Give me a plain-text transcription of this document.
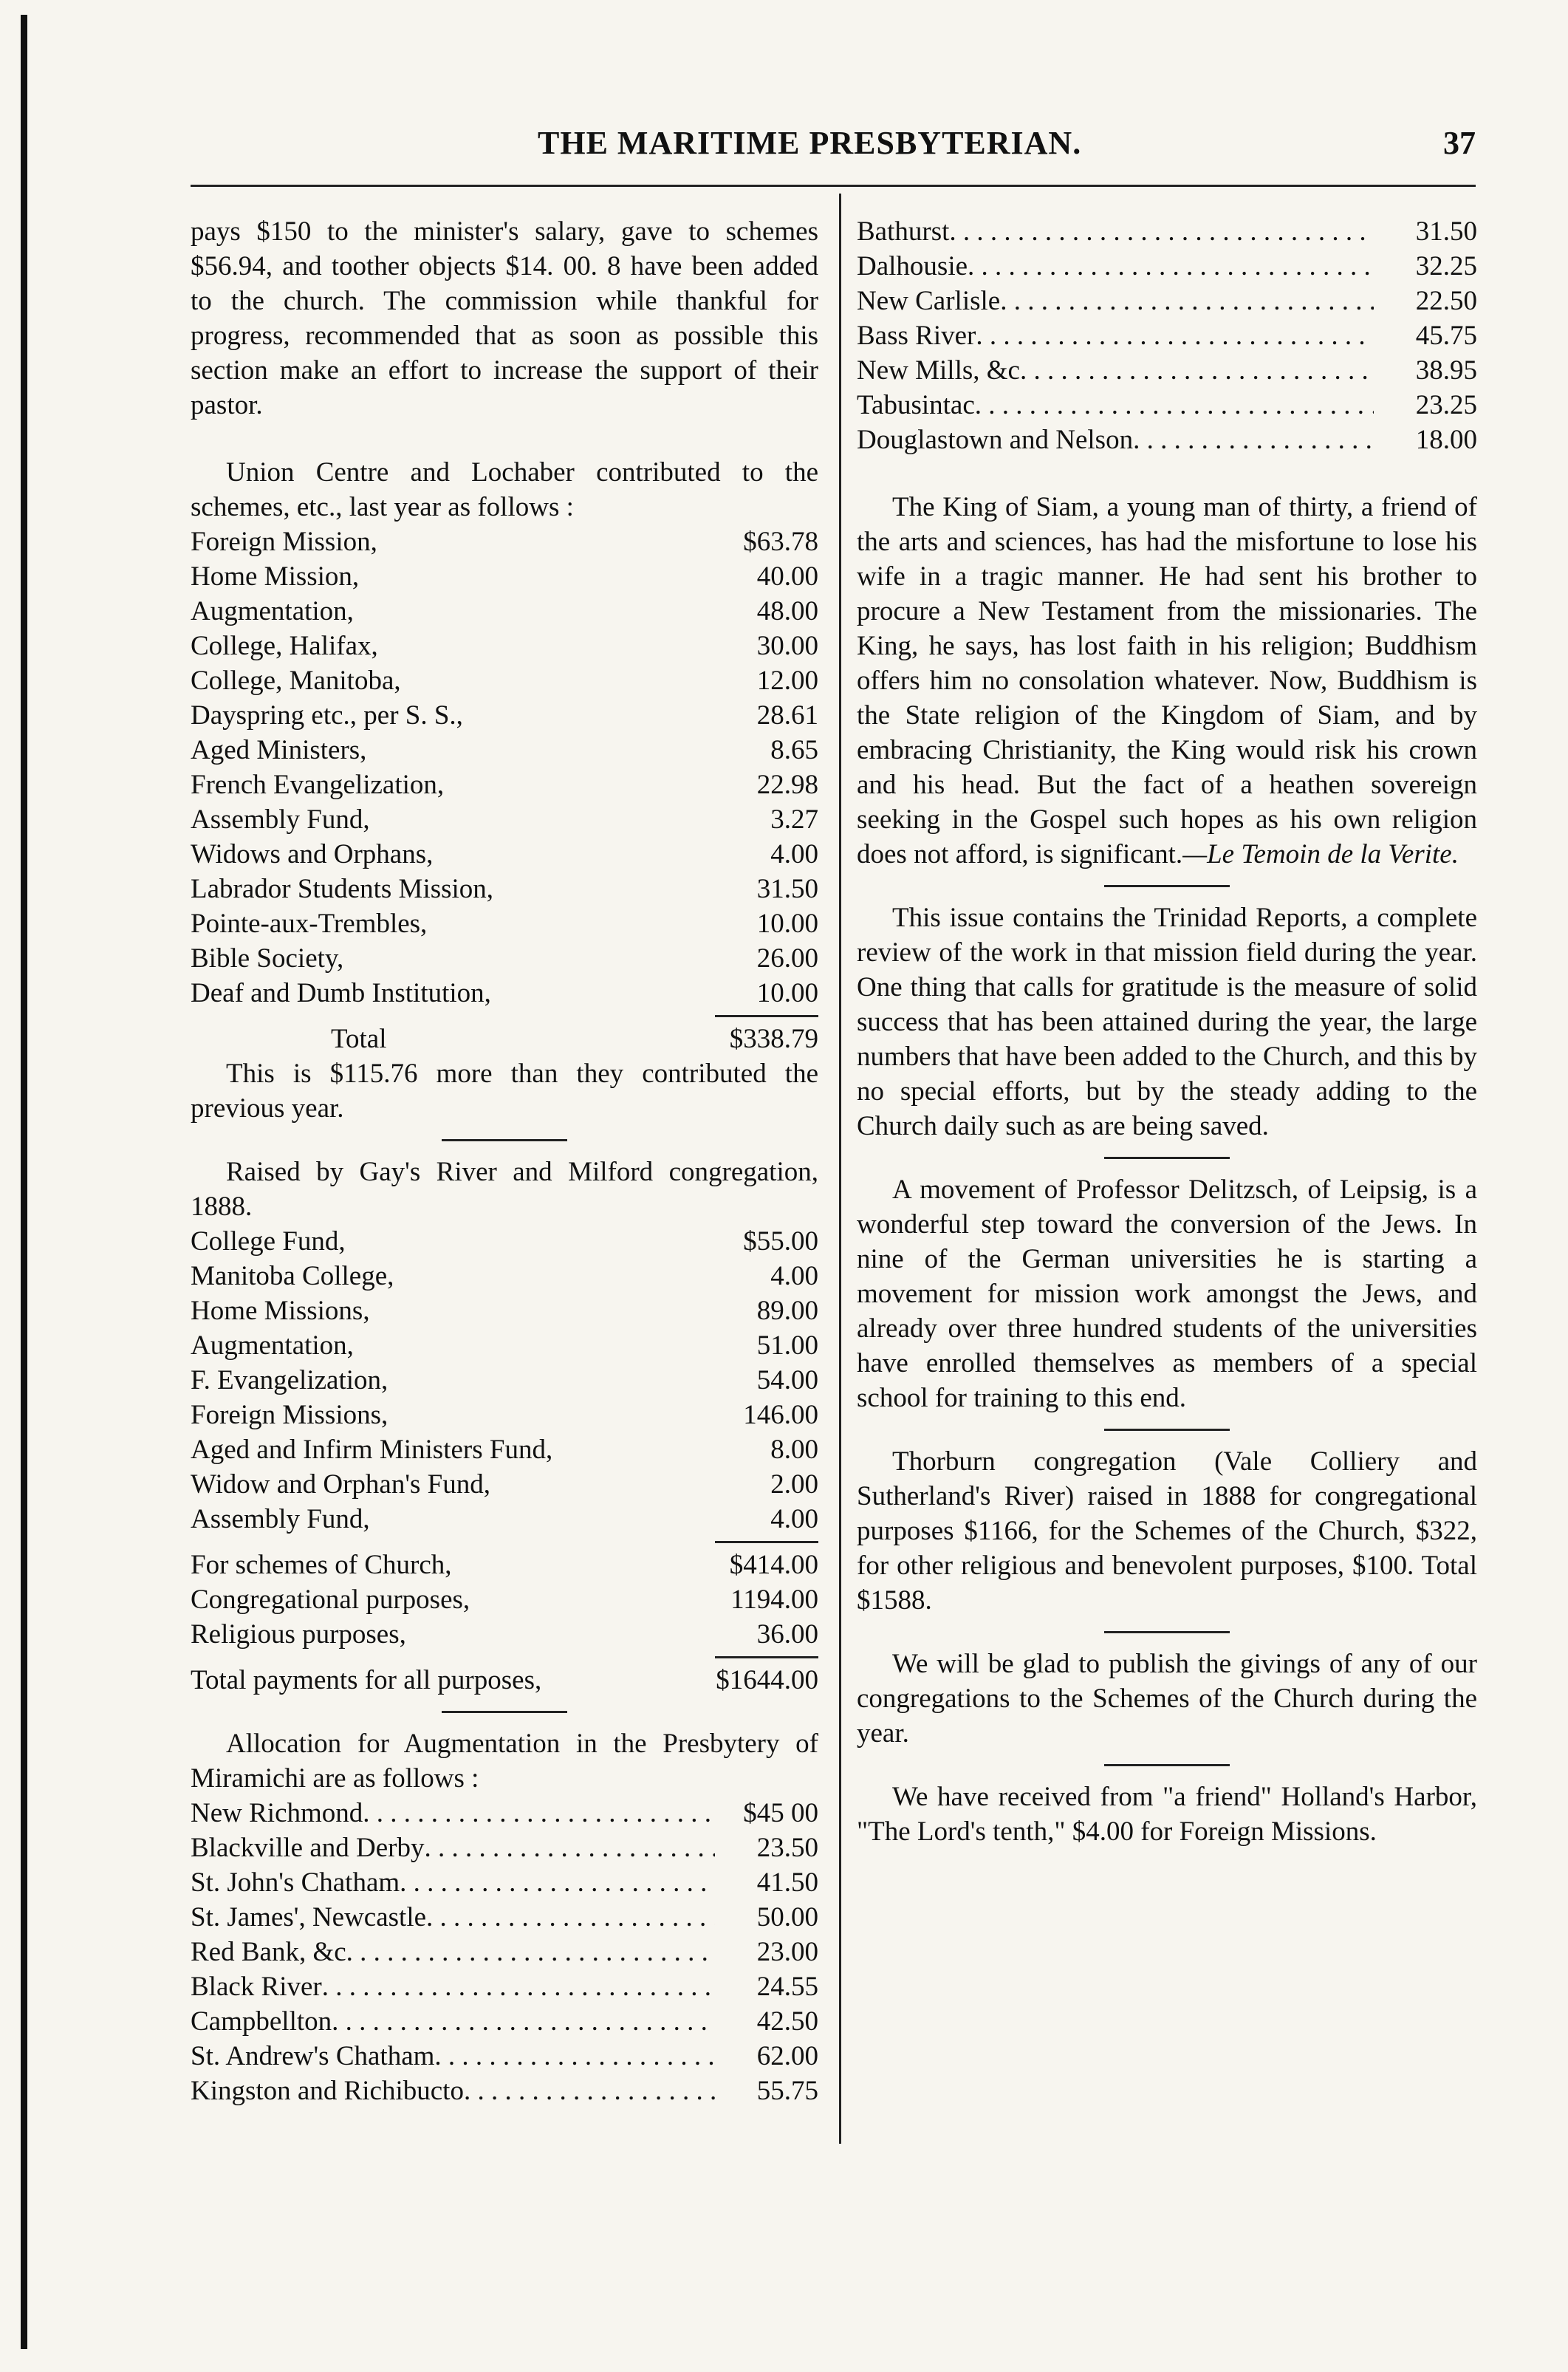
THE MARITIME PRESBYTERIAN.	37

pays $150 to the minister's salary, gave to schemes $56.94, and toother objects $14. 00. 8 have been added to the church. The commission while thankful for progress, recommended that as soon as possible this section make an effort to increase the support of their pastor.

Union Centre and Lochaber contributed to the schemes, etc., last year as follows :

Foreign Mission,	$63.78
Home Mission,	40.00
Augmentation,	48.00
College, Halifax,	30.00
College, Manitoba,	12.00
Dayspring etc., per S. S.,	28.61
Aged Ministers,	8.65
French Evangelization,	22.98
Assembly Fund,	3.27
Widows and Orphans,	4.00
Labrador Students Mission,	31.50
Pointe-aux-Trembles,	10.00
Bible Society,	26.00
Deaf and Dumb Institution,	10.00
Total	$338.79

This is $115.76 more than they contributed the previous year.

Raised by Gay's River and Milford congregation, 1888.

College Fund,	$55.00
Manitoba College,	4.00
Home Missions,	89.00
Augmentation,	51.00
F. Evangelization,	54.00
Foreign Missions,	146.00
Aged and Infirm Ministers Fund,	8.00
Widow and Orphan's Fund,	2.00
Assembly Fund,	4.00
For schemes of Church,	$414.00
Congregational purposes,	1194.00
Religious purposes,	36.00
Total payments for all purposes,	$1644.00

Allocation for Augmentation in the Presbytery of Miramichi are as follows :

New Richmond . . .	$45 00
Blackville and Derby . . .	23.50
St. John's Chatham . . .	41.50
St. James', Newcastle . . .	50.00
Red Bank, &c . . .	23.00
Black River . . .	24.55
Campbellton . . .	42.50
St. Andrew's Chatham . . .	62.00
Kingston and Richibucto . . .	55.75
Bathurst . . .	31.50
Dalhousie . . .	32.25
New Carlisle . . .	22.50
Bass River . . .	45.75
New Mills, &c . . .	38.95
Tabusintac . . .	23.25
Douglastown and Nelson . . .	18.00

The King of Siam, a young man of thirty, a friend of the arts and sciences, has had the misfortune to lose his wife in a tragic manner. He had sent his brother to procure a New Testament from the missionaries. The King, he says, has lost faith in his religion; Buddhism offers him no consolation whatever. Now, Buddhism is the State religion of the Kingdom of Siam, and by embracing Christianity, the King would risk his crown and his head. But the fact of a heathen sovereign seeking in the Gospel such hopes as his own religion does not afford, is significant.—Le Temoin de la Verite.

This issue contains the Trinidad Reports, a complete review of the work in that mission field during the year. One thing that calls for gratitude is the measure of solid success that has been attained during the year, the large numbers that have been added to the Church, and this by no special efforts, but by the steady adding to the Church daily such as are being saved.

A movement of Professor Delitzsch, of Leipsig, is a wonderful step toward the conversion of the Jews. In nine of the German universities he is starting a movement for mission work amongst the Jews, and already over three hundred students of the universities have enrolled themselves as members of a special school for training to this end.

Thorburn congregation (Vale Colliery and Sutherland's River) raised in 1888 for congregational purposes $1166, for the Schemes of the Church, $322, for other religious and benevolent purposes, $100. Total $1588.

We will be glad to publish the givings of any of our congregations to the Schemes of the Church during the year.

We have received from "a friend" Holland's Harbor, "The Lord's tenth," $4.00 for Foreign Missions.
